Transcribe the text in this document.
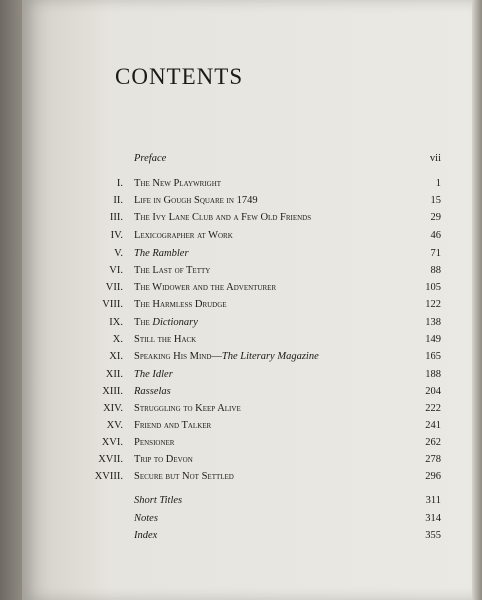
CONTENTS
Preface	vii
I. The New Playwright	1
II. Life in Gough Square in 1749	15
III. The Ivy Lane Club and a Few Old Friends	29
IV. Lexicographer at Work	46
V. The Rambler	71
VI. The Last of Tetty	88
VII. The Widower and the Adventurer	105
VIII. The Harmless Drudge	122
IX. The Dictionary	138
X. Still the Hack	149
XI. Speaking His Mind—The Literary Magazine	165
XII. The Idler	188
XIII. Rasselas	204
XIV. Struggling to Keep Alive	222
XV. Friend and Talker	241
XVI. Pensioner	262
XVII. Trip to Devon	278
XVIII. Secure but Not Settled	296
Short Titles	311
Notes	314
Index	355
